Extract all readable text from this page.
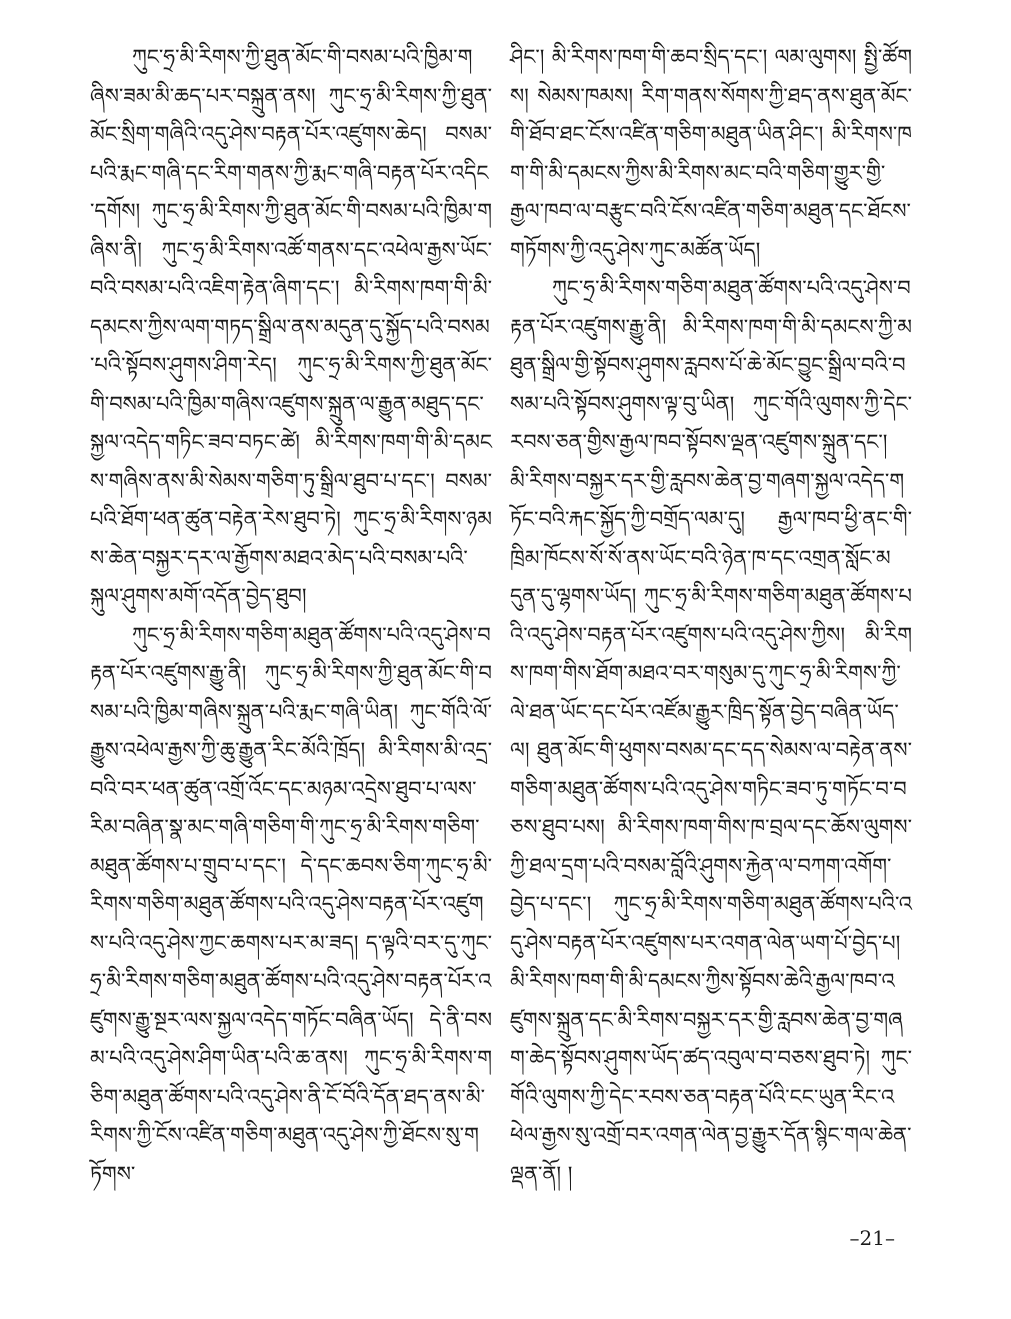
ཀུང་ཧྲ་མི་རིགས་ཀྱི་ཐུན་མོང་གི་བསམ་པའི་ཁྱིམ་གཞིས་ཟམ་མི་ཆད་པར་བསྐྲུན་ནས། ཀུང་ཧྲ་མི་རིགས་ཀྱི་ཐུན་མོང་སྲིག་གཞིའི་འདུ་ཤེས་བརྟན་པོར་འཛུགས་ཆེད། བསམ་པའི་རྨང་གཞི་དང་རིག་གནས་ཀྱི་རྨང་གཞི་བརྟན་པོར་འདིང་དགོས། ཀུང་ཧྲ་མི་རིགས་ཀྱི་ཐུན་མོང་གི་བསམ་པའི་ཁྱིམ་གཞིས་ནི། ཀུང་ཧྲ་མི་རིགས་འཚོ་གནས་དང་འཕེལ་རྒྱས་ཡོང་བའི་བསམ་པའི་འཇིག་རྟེན་ཞིག་དང་། མི་རིགས་ཁག་གི་མི་དམངས་ཀྱིས་ལག་གཏད་སྒྲིལ་ནས་མདུན་དུ་སྐྱོད་པའི་བསམ་པའི་སྟོབས་ཤུགས་ཤིག་རེད། ཀུང་ཧྲ་མི་རིགས་ཀྱི་ཐུན་མོང་གི་བསམ་པའི་ཁྱིམ་གཞིས་འཛུགས་སྐྲུན་ལ་རྒྱུན་མཐུད་དང་སྐྱལ་འདེད་གཏིང་ཟབ་བཏང་ཚེ། མི་རིགས་ཁག་གི་མི་དམངས་གཞིས་ནས་མི་སེམས་གཅིག་ཏུ་སྒྲིལ་ཐུབ་པ་དང་། བསམ་པའི་ཐོག་ཕན་ཚུན་བརྟེན་རེས་ཐུབ་ཏེ། ཀུང་ཧྲ་མི་རིགས་ཉམས་ཆེན་བསྐྱར་དར་ལ་རྒྱོགས་མཐའ་མེད་པའི་བསམ་པའི་སྐུལ་ཤུགས་མགོ་འདོན་བྱེད་ཐུབ།

ཀུང་ཧྲ་མི་རིགས་གཅིག་མཐུན་ཚོགས་པའི་འདུ་ཤེས་བརྟན་པོར་འཛུགས་རྒྱུ་ནི། ཀུང་ཧྲ་མི་རིགས་ཀྱི་ཐུན་མོང་གི་བསམ་པའི་ཁྱིམ་གཞིས་སྐྲུན་པའི་རྨང་གཞི་ཡིན། ཀུང་གོའི་ལོ་རྒྱུས་འཕེལ་རྒྱས་ཀྱི་ཆུ་རྒྱུན་རིང་མོའི་ཁྲོད། མི་རིགས་མི་འདྲ་བའི་བར་ཕན་ཚུན་འགྲོ་འོང་དང་མཉམ་འདྲེས་ཐུབ་པ་ལས་རིམ་བཞིན་སྣ་མང་གཞི་གཅིག་གི་ཀུང་ཧྲ་མི་རིགས་གཅིག་མཐུན་ཚོགས་པ་གྲུབ་པ་དང་། དེ་དང་ཆབས་ཅིག་ཀུང་ཧྲ་མི་རིགས་གཅིག་མཐུན་ཚོགས་པའི་འདུ་ཤེས་བརྟན་པོར་འཛུགས་པའི་འདུ་ཤེས་ཀྱང་ཆགས་པར་མ་ཟད། ད་ལྟའི་བར་དུ་ཀུང་ཧྲ་མི་རིགས་གཅིག་མཐུན་ཚོགས་པའི་འདུ་ཤེས་བརྟན་པོར་འཛུགས་རྒྱུ་སྔར་ལས་སྐྱལ་འདེད་གཏོང་བཞིན་ཡོད། དེ་ནི་བསམ་པའི་འདུ་ཤེས་ཤིག་ཡིན་པའི་ཆ་ནས། ཀུང་ཧྲ་མི་རིགས་གཅིག་མཐུན་ཚོགས་པའི་འདུ་ཤེས་ནི་ངོ་བོའི་དོན་ཐད་ནས་མི་རིགས་ཀྱི་ངོས་འཛིན་གཅིག་མཐུན་འདུ་ཤེས་ཀྱི་ཐོངས་སུ་གཏོགས་

ཤིང་། མི་རིགས་ཁག་གི་ཆབ་སྲིད་དང་། ལམ་ལུགས། སྤྱི་ཚོགས། སེམས་ཁམས། རིག་གནས་སོགས་ཀྱི་ཐད་ནས་ཐུན་མོང་གི་ཐོབ་ཐང་ངོས་འཛིན་གཅིག་མཐུན་ཡིན་ཤིང་། མི་རིགས་ཁག་གི་མི་དམངས་ཀྱིས་མི་རིགས་མང་བའི་གཅིག་གྱུར་གྱི་རྒྱལ་ཁབ་ལ་བརྩུང་བའི་ངོས་འཛིན་གཅིག་མཐུན་དང་ཐོངས་གཏོགས་ཀྱི་འདུ་ཤེས་ཀུང་མཚོན་ཡོད།

ཀུང་ཧྲ་མི་རིགས་གཅིག་མཐུན་ཚོགས་པའི་འདུ་ཤེས་བརྟན་པོར་འཛུགས་རྒྱུ་ནི། མི་རིགས་ཁག་གི་མི་དམངས་ཀྱི་མཐུན་སྒྲིལ་གྱི་སྟོབས་ཤུགས་རླབས་པོ་ཆེ་མོང་བྱུང་སྒྲིལ་བའི་བསམ་པའི་སྟོབས་ཤུགས་ལྟ་བུ་ཡིན། ཀུང་གོའི་ལུགས་ཀྱི་དེང་རབས་ཅན་གྱིས་རྒྱལ་ཁབ་སྟོབས་ལྡན་འཛུགས་སྐྲུན་དང་། མི་རིགས་བསྐྱར་དར་གྱི་རླབས་ཆེན་བྱ་གཞག་སྐྱལ་འདེད་གཏོང་བའི་རྐང་སྐྱོད་ཀྱི་བགྲོད་ལམ་དུ། རྒྱལ་ཁབ་ཕྱི་ནང་གི་ཁྲིམ་ཁོངས་སོ་སོ་ནས་ཡོང་བའི་ཉེན་ཁ་དང་འགྲན་སློང་མདུན་དུ་ལྷགས་ཡོད། ཀུང་ཧྲ་མི་རིགས་གཅིག་མཐུན་ཚོགས་པའི་འདུ་ཤེས་བརྟན་པོར་འཛུགས་པའི་འདུ་ཤེས་ཀྱིས། མི་རིགས་ཁག་གིས་ཐོག་མཐའ་བར་གསུམ་དུ་ཀུང་ཧྲ་མི་རིགས་ཀྱི་ལེ་ཐན་ཡོང་དང་པོར་འཛོམ་རྒྱུར་ཁྲིད་སྟོན་བྱེད་བཞིན་ཡོད་ལ། ཐུན་མོང་གི་ཕུགས་བསམ་དང་དད་སེམས་ལ་བརྟེན་ནས་གཅིག་མཐུན་ཚོགས་པའི་འདུ་ཤེས་གཏིང་ཟབ་ཏུ་གཏོང་བ་བཅས་ཐུབ་པས། མི་རིགས་ཁག་གིས་ཁ་བྲལ་དང་ཆོས་ལུགས་ཀྱི་ཐལ་དྲག་པའི་བསམ་བློའི་ཤུགས་རྐྱེན་ལ་བཀག་འགོག་བྱེད་པ་དང་། ཀུང་ཧྲ་མི་རིགས་གཅིག་མཐུན་ཚོགས་པའི་འདུ་ཤེས་བརྟན་པོར་འཛུགས་པར་འགན་ལེན་ཡག་པོ་བྱེད་པ། མི་རིགས་ཁག་གི་མི་དམངས་ཀྱིས་སྟོབས་ཆེའི་རྒྱལ་ཁབ་འཛུགས་སྐྲུན་དང་མི་རིགས་བསྐྱར་དར་གྱི་རླབས་ཆེན་བྱ་གཞག་ཆེད་སྟོབས་ཤུགས་ཡོད་ཚད་འབུལ་བ་བཅས་ཐུབ་ཏེ། ཀུང་གོའི་ལུགས་ཀྱི་དེང་རབས་ཅན་བརྟན་པོའི་ངང་ཡུན་རིང་འཕེལ་རྒྱས་སུ་འགྲོ་བར་འགན་ལེན་བྱ་རྒྱུར་དོན་སྙིང་གལ་ཆེན་ལྡན་ནོ། །

–21–
